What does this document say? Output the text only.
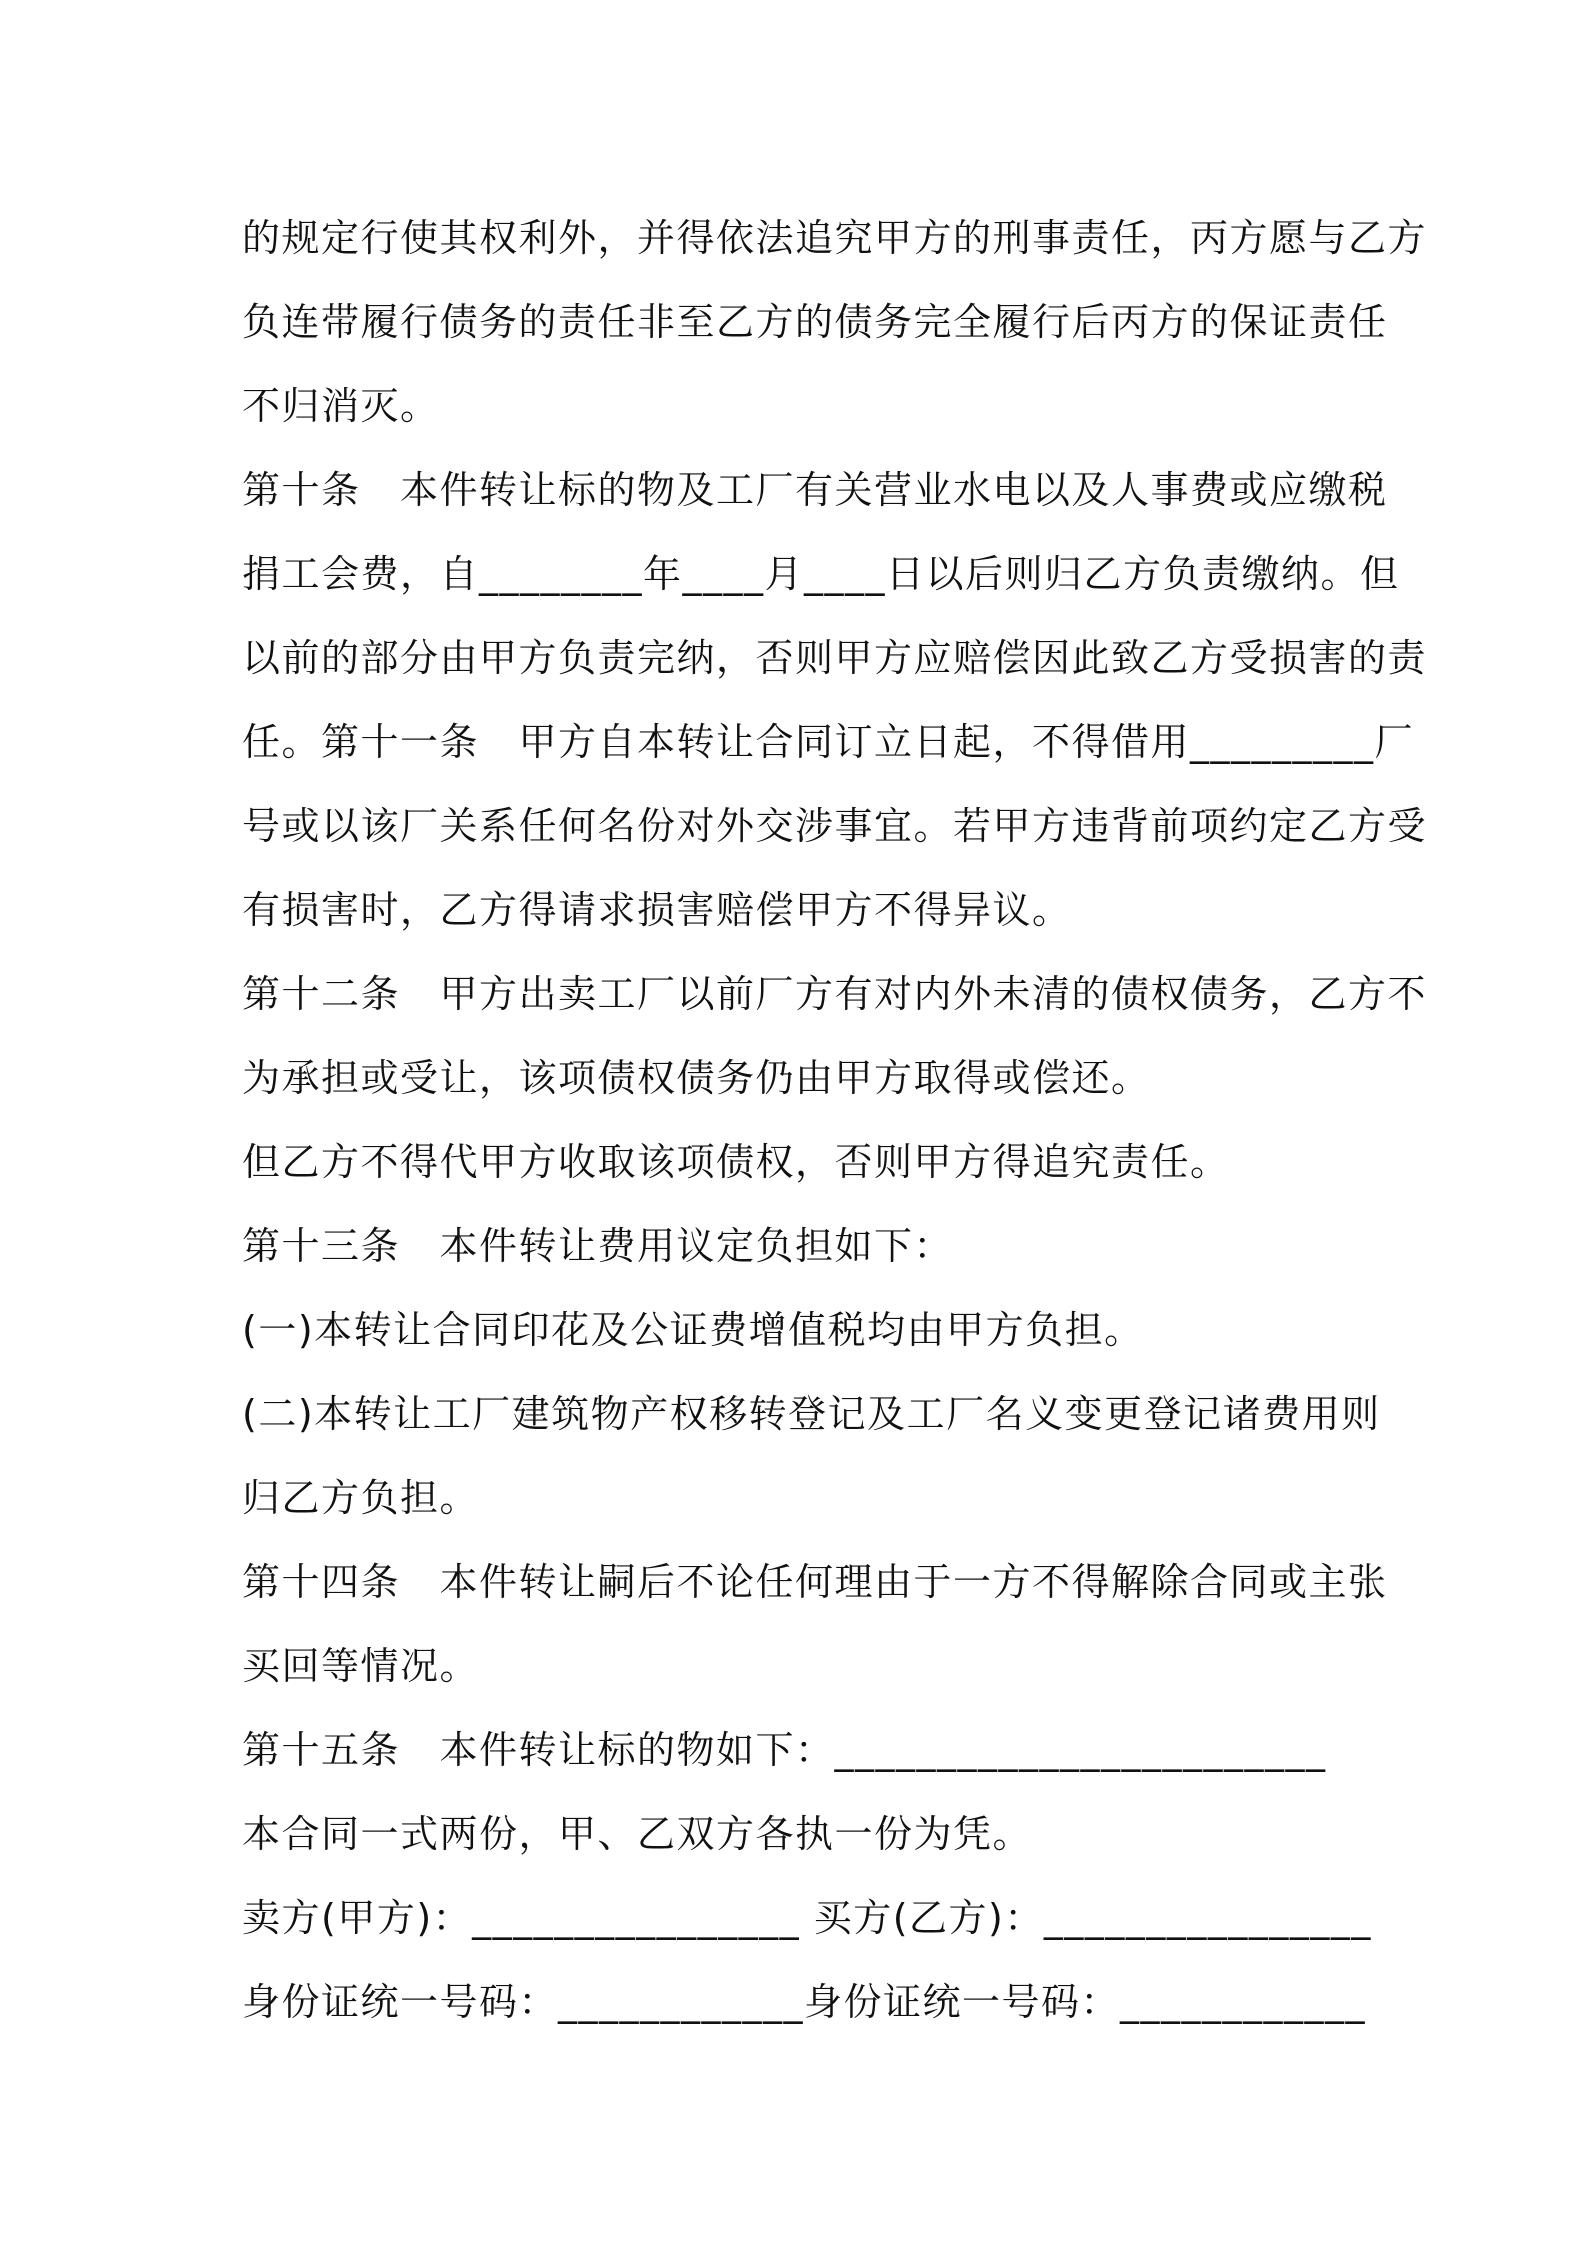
的规定行使其权利外，并得依法追究甲方的刑事责任，丙方愿与乙方
负连带履行债务的责任非至乙方的债务完全履行后丙方的保证责任
不归消灭。
第十条　本件转让标的物及工厂有关营业水电以及人事费或应缴税
捐工会费，自________年____月____日以后则归乙方负责缴纳。但
以前的部分由甲方负责完纳，否则甲方应赔偿因此致乙方受损害的责
任。第十一条　甲方自本转让合同订立日起，不得借用_________厂
号或以该厂关系任何名份对外交涉事宜。若甲方违背前项约定乙方受
有损害时，乙方得请求损害赔偿甲方不得异议。
第十二条　甲方出卖工厂以前厂方有对内外未清的债权债务，乙方不
为承担或受让，该项债权债务仍由甲方取得或偿还。
但乙方不得代甲方收取该项债权，否则甲方得追究责任。
第十三条　本件转让费用议定负担如下：
(一)本转让合同印花及公证费增值税均由甲方负担。
(二)本转让工厂建筑物产权移转登记及工厂名义变更登记诸费用则
归乙方负担。
第十四条　本件转让嗣后不论任何理由于一方不得解除合同或主张
买回等情况。
第十五条　本件转让标的物如下：________________________
本合同一式两份，甲、乙双方各执一份为凭。
卖方(甲方)：________________ 买方(乙方)：________________
身份证统一号码：____________身份证统一号码：____________
